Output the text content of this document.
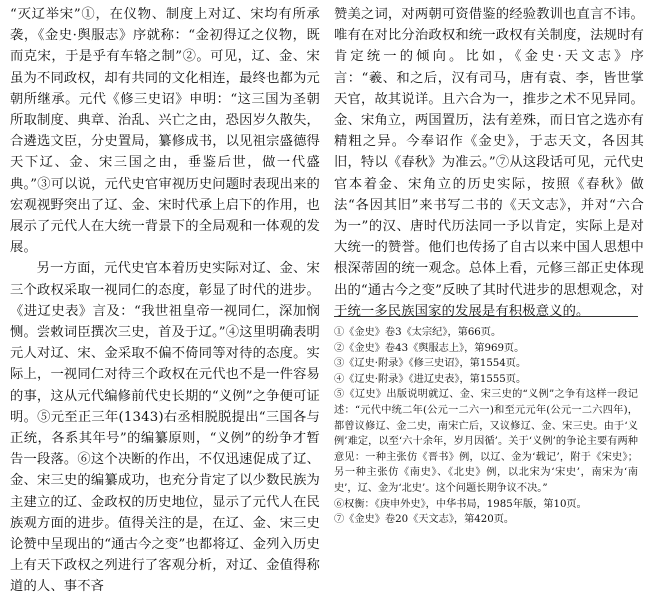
“灭辽举宋”①，在仪物、制度上对辽、宋均有所承袭，《金史·舆服志》序就称：“金初得辽之仪物，既而克宋，于是乎有车辂之制”②。可见，辽、金、宋虽为不同政权，却有共同的文化相连，最终也都为元朝所继承。元代《修三史诏》申明：“这三国为圣朝所取制度、典章、治乱、兴亡之由，恐因岁久散失，合遴选文臣，分史置局，纂修成书，以见祖宗盛德得天下辽、金、宋三国之由，垂鉴后世，做一代盛典。”③可以说，元代史官审视历史问题时表现出来的宏观视野突出了辽、金、宋时代承上启下的作用，也展示了元代人在大统一背景下的全局观和一体观的发展。

另一方面，元代史官本着历史实际对辽、金、宋三个政权采取一视同仁的态度，彰显了时代的进步。《进辽史表》言及：“我世祖皇帝一视同仁，深加悯恻。尝敕词臣撰次三史，首及于辽。”④这里明确表明元人对辽、宋、金采取不偏不倚同等对待的态度。实际上，一视同仁对待三个政权在元代也不是一件容易的事，这从元代编修前代史长期的“义例”之争便可证明。⑤元至正三年(1343)右丞相脱脱提出“三国各与正统，各系其年号”的编纂原则，“义例”的纷争才暂告一段落。⑥这个决断的作出，不仅迅速促成了辽、金、宋三史的编纂成功，也充分肯定了以少数民族为主建立的辽、金政权的历史地位，显示了元代人在民族观方面的进步。值得关注的是，在辽、金、宋三史论赞中呈现出的“通古今之变”也都将辽、金列入历史上有天下政权之列进行了客观分析，对辽、金值得称道的人、事不吝

赞美之词，对两朝可资借鉴的经验教训也直言不讳。唯有在对比分治政权和统一政权有关制度，法规时有肯定统一的倾向。比如，《金史·天文志》序言：“羲、和之后，汉有司马，唐有袁、李，皆世掌天官，故其说详。且六合为一，推步之术不见异同。金、宋角立，两国置历，法有差殊，而日官之选亦有精粗之异。今奉诏作《金史》，于志天文，各因其旧，特以《春秋》为准云。”⑦从这段话可见，元代史官本着金、宋角立的历史实际，按照《春秋》做法“各因其旧”来书写二书的《天文志》，并对“六合为一”的汉、唐时代历法同一予以肯定，实际上是对大统一的赞誉。他们也传扬了自古以来中国人思想中根深蒂固的统一观念。总体上看，元修三部正史体现出的“通古今之变”反映了其时代进步的思想观念，对于统一多民族国家的发展是有积极意义的。

①《金史》卷3《太宗纪》，第66页。

②《金史》卷43《舆服志上》，第969页。

③《辽史·附录》《修三史诏》，第1554页。

④《辽史·附录》《进辽史表》，第1555页。

⑤《辽史》出版说明就辽、金、宋三史的“义例”之争有这样一段记述：“元代中统二年(公元一二六一)和至元元年(公元一二六四年)，都曾议修辽、金二史，南宋亡后，又议修辽、金、宋三史。由于‘义例’难定，以至‘六十余年，岁月因循’。关于‘义例’的争论主要有两种意见：一种主张仿《晋书》例，以辽、金为‘载记’，附于《宋史》；另一种主张仿《南史》、《北史》例，以北宋为‘宋史’，南宋为‘南史’，辽、金为‘北史’。这个问题长期争议不决。”

⑥权衡：《庚申外史》，中华书局，1985年版，第10页。

⑦《金史》卷20《天文志》，第420页。
